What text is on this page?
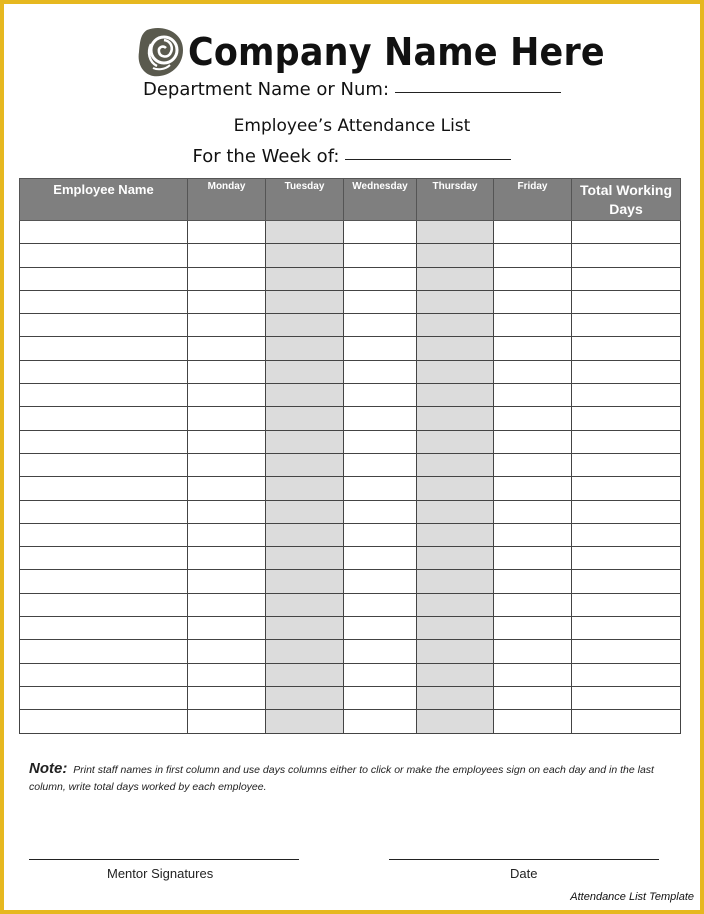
Company Name Here
Department Name or Num:
Employee’s Attendance List
For the Week of:
Employee Name	Monday	Tuesday	Wednesday	Thursday	Friday	Total Working Days

Note: Print staff names in first column and use days columns either to click or make the employees sign on each day and in the last column, write total days worked by each employee.
Mentor Signatures	Date
Attendance List Template
